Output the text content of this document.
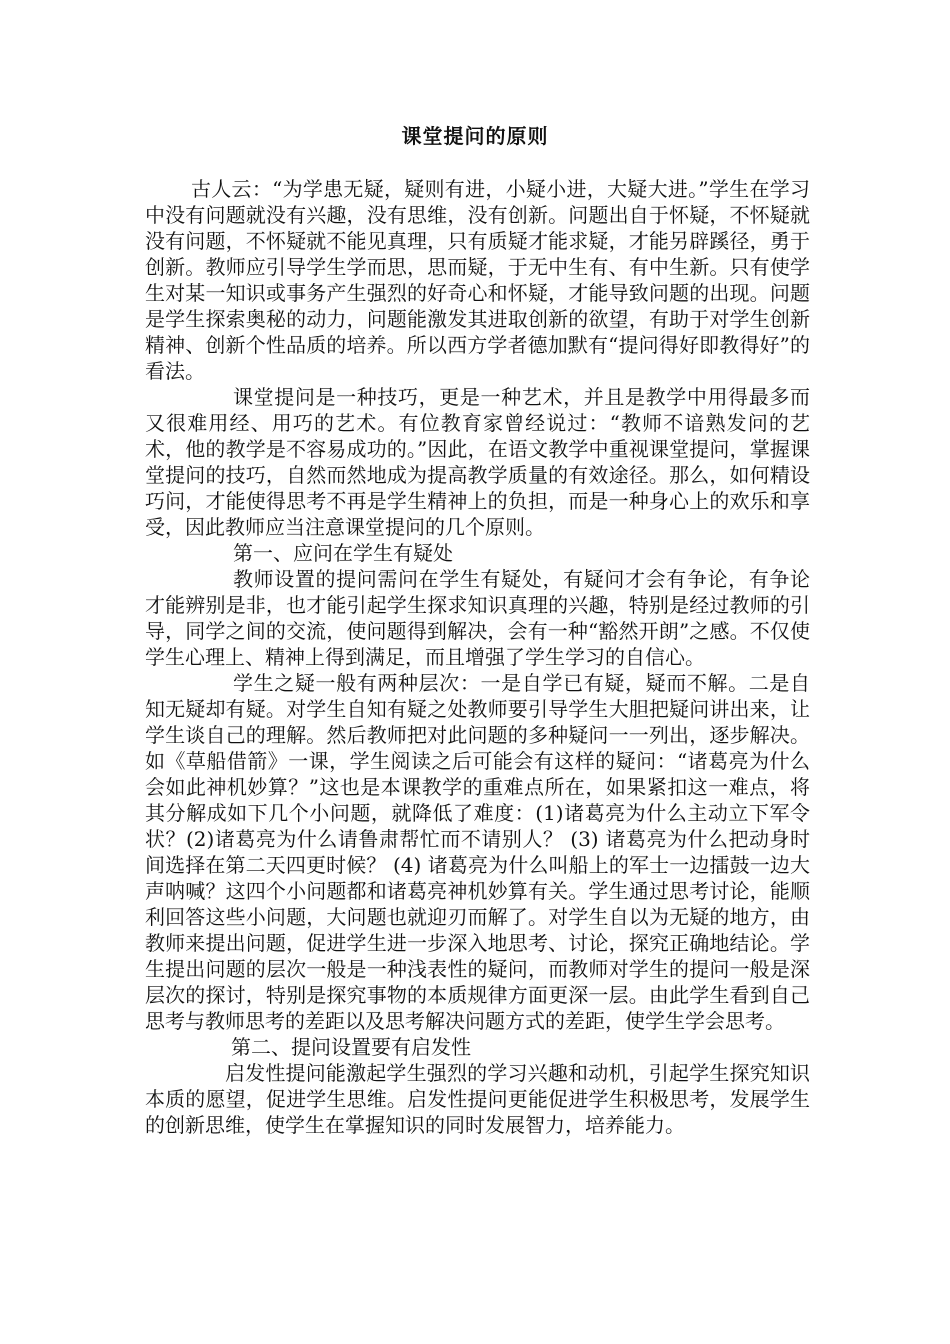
课堂提问的原则

古人云：“为学患无疑，疑则有进，小疑小进，大疑大进。”学生在学习中没有问题就没有兴趣，没有思维，没有创新。问题出自于怀疑，不怀疑就没有问题，不怀疑就不能见真理，只有质疑才能求疑，才能另辟蹊径，勇于创新。教师应引导学生学而思，思而疑，于无中生有、有中生新。只有使学生对某一知识或事务产生强烈的好奇心和怀疑，才能导致问题的出现。问题是学生探索奥秘的动力，问题能激发其进取创新的欲望，有助于对学生创新精神、创新个性品质的培养。所以西方学者德加默有“提问得好即教得好”的看法。

课堂提问是一种技巧，更是一种艺术，并且是教学中用得最多而又很难用经、用巧的艺术。有位教育家曾经说过：“教师不谙熟发问的艺术，他的教学是不容易成功的。”因此，在语文教学中重视课堂提问，掌握课堂提问的技巧，自然而然地成为提高教学质量的有效途径。那么，如何精设巧问，才能使得思考不再是学生精神上的负担，而是一种身心上的欢乐和享受，因此教师应当注意课堂提问的几个原则。

第一、应问在学生有疑处

教师设置的提问需问在学生有疑处，有疑问才会有争论，有争论才能辨别是非，也才能引起学生探求知识真理的兴趣，特别是经过教师的引导，同学之间的交流，使问题得到解决，会有一种“豁然开朗”之感。不仅使学生心理上、精神上得到满足，而且增强了学生学习的自信心。

学生之疑一般有两种层次：一是自学已有疑，疑而不解。二是自知无疑却有疑。对学生自知有疑之处教师要引导学生大胆把疑问讲出来，让学生谈自己的理解。然后教师把对此问题的多种疑问一一列出，逐步解决。如《草船借箭》一课，学生阅读之后可能会有这样的疑问：“诸葛亮为什么会如此神机妙算？”这也是本课教学的重难点所在，如果紧扣这一难点，将其分解成如下几个小问题，就降低了难度：(1)诸葛亮为什么主动立下军令状？(2)诸葛亮为什么请鲁肃帮忙而不请别人？ (3) 诸葛亮为什么把动身时间选择在第二天四更时候？ (4) 诸葛亮为什么叫船上的军士一边擂鼓一边大声呐喊？这四个小问题都和诸葛亮神机妙算有关。学生通过思考讨论，能顺利回答这些小问题，大问题也就迎刃而解了。对学生自以为无疑的地方，由教师来提出问题，促进学生进一步深入地思考、讨论，探究正确地结论。学生提出问题的层次一般是一种浅表性的疑问，而教师对学生的提问一般是深层次的探讨，特别是探究事物的本质规律方面更深一层。由此学生看到自己思考与教师思考的差距以及思考解决问题方式的差距，使学生学会思考。

第二、提问设置要有启发性

启发性提问能激起学生强烈的学习兴趣和动机，引起学生探究知识本质的愿望，促进学生思维。启发性提问更能促进学生积极思考，发展学生的创新思维，使学生在掌握知识的同时发展智力，培养能力。
